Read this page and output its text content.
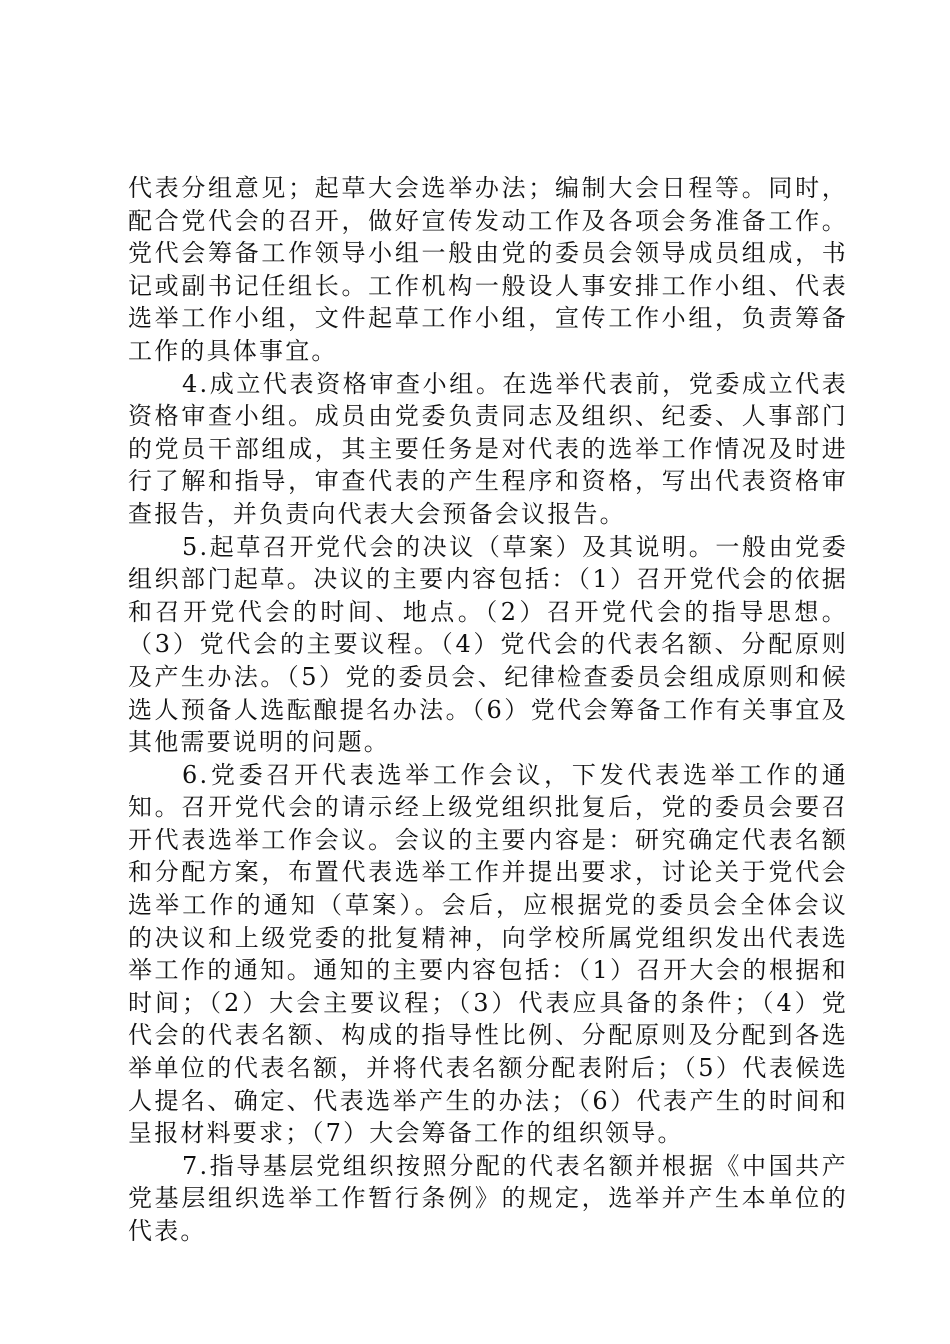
代表分组意见；起草大会选举办法；编制大会日程等。同时，配合党代会的召开，做好宣传发动工作及各项会务准备工作。党代会筹备工作领导小组一般由党的委员会领导成员组成，书记或副书记任组长。工作机构一般设人事安排工作小组、代表选举工作小组，文件起草工作小组，宣传工作小组，负责筹备工作的具体事宜。

4.成立代表资格审查小组。在选举代表前，党委成立代表资格审查小组。成员由党委负责同志及组织、纪委、人事部门的党员干部组成，其主要任务是对代表的选举工作情况及时进行了解和指导，审查代表的产生程序和资格，写出代表资格审查报告，并负责向代表大会预备会议报告。

5.起草召开党代会的决议（草案）及其说明。一般由党委组织部门起草。决议的主要内容包括：（1）召开党代会的依据和召开党代会的时间、地点。（2）召开党代会的指导思想。（3）党代会的主要议程。（4）党代会的代表名额、分配原则及产生办法。（5）党的委员会、纪律检查委员会组成原则和候选人预备人选酝酿提名办法。（6）党代会筹备工作有关事宜及其他需要说明的问题。

6.党委召开代表选举工作会议，下发代表选举工作的通知。召开党代会的请示经上级党组织批复后，党的委员会要召开代表选举工作会议。会议的主要内容是：研究确定代表名额和分配方案，布置代表选举工作并提出要求，讨论关于党代会选举工作的通知（草案）。会后，应根据党的委员会全体会议的决议和上级党委的批复精神，向学校所属党组织发出代表选举工作的通知。通知的主要内容包括：（1）召开大会的根据和时间；（2）大会主要议程；（3）代表应具备的条件；（4）党代会的代表名额、构成的指导性比例、分配原则及分配到各选举单位的代表名额，并将代表名额分配表附后；（5）代表候选人提名、确定、代表选举产生的办法；（6）代表产生的时间和呈报材料要求；（7）大会筹备工作的组织领导。

7.指导基层党组织按照分配的代表名额并根据《中国共产党基层组织选举工作暂行条例》的规定，选举并产生本单位的代表。
